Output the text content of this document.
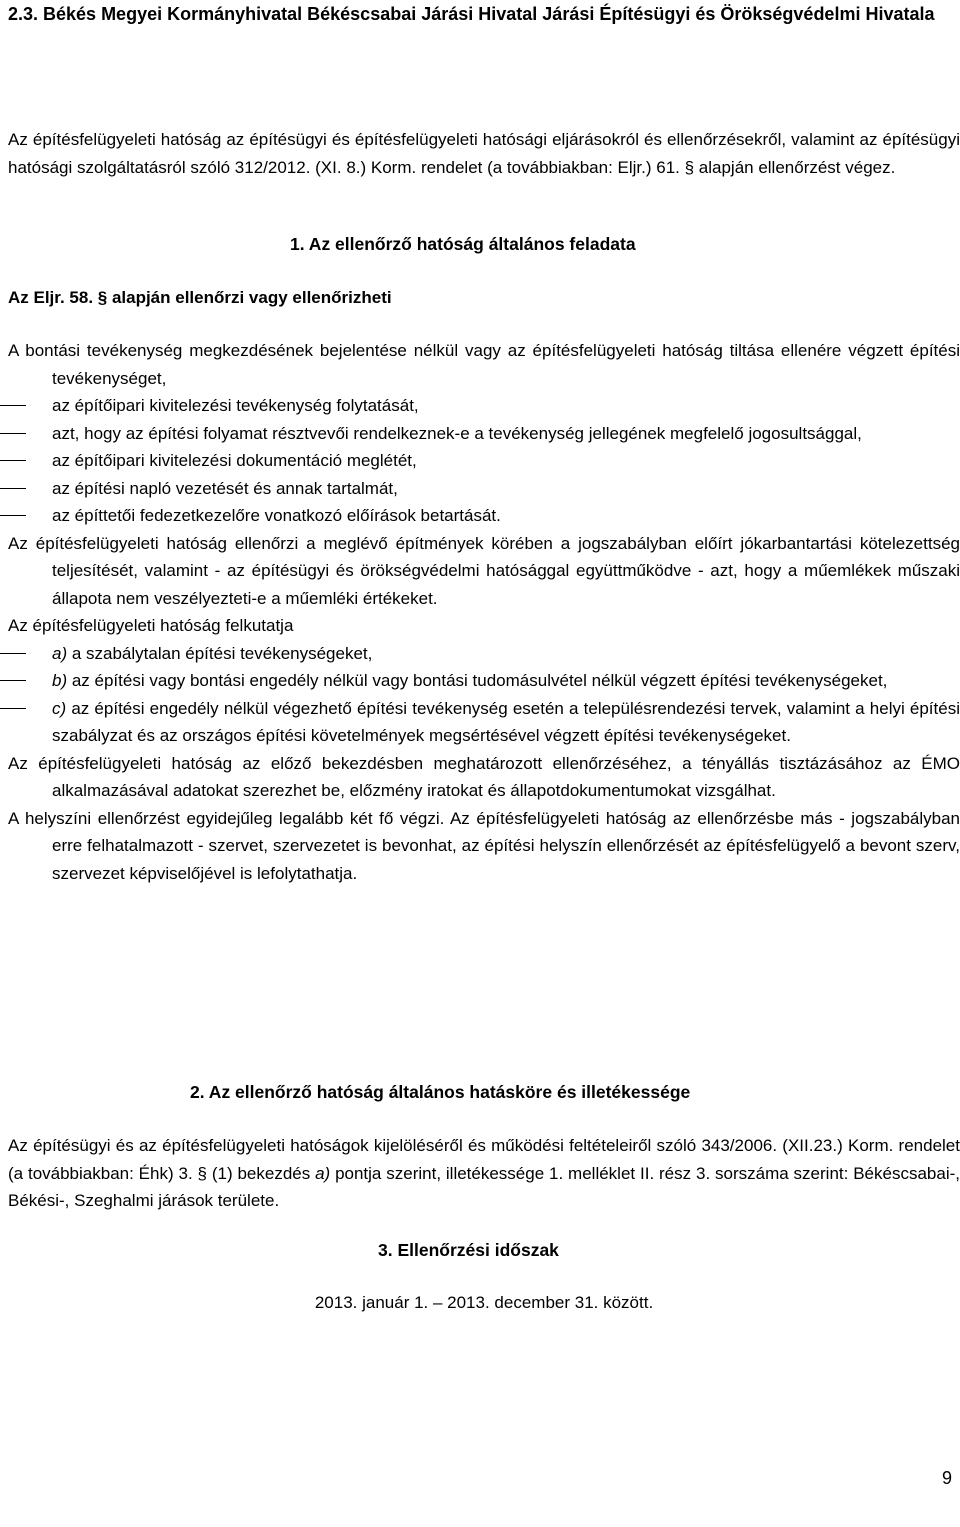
2.3. Békés Megyei Kormányhivatal Békéscsabai Járási Hivatal Járási Építésügyi és Örökségvédelmi Hivatala

Az építésfelügyeleti hatóság az építésügyi és építésfelügyeleti hatósági eljárásokról és ellenőrzésekről, valamint az építésügyi hatósági szolgáltatásról szóló 312/2012. (XI. 8.) Korm. rendelet (a továbbiakban: Eljr.) 61. § alapján ellenőrzést végez.

1. Az ellenőrző hatóság általános feladata
Az Eljr. 58. § alapján ellenőrzi vagy ellenőrizheti

A bontási tevékenység megkezdésének bejelentése nélkül vagy az építésfelügyeleti hatóság tiltása ellenére végzett építési tevékenységet,

az építőipari kivitelezési tevékenység folytatását,
azt, hogy az építési folyamat résztvevői rendelkeznek-e a tevékenység jellegének megfelelő jogosultsággal,
az építőipari kivitelezési dokumentáció meglétét,
az építési napló vezetését és annak tartalmát,
az építtetői fedezetkezelőre vonatkozó előírások betartását.

Az építésfelügyeleti hatóság ellenőrzi a meglévő építmények körében a jogszabályban előírt jókarbantartási kötelezettség teljesítését, valamint - az építésügyi és örökségvédelmi hatósággal együttműködve - azt, hogy a műemlékek műszaki állapota nem veszélyezteti-e a műemléki értékeket.

Az építésfelügyeleti hatóság felkutatja

a) a szabálytalan építési tevékenységeket,
b) az építési vagy bontási engedély nélkül vagy bontási tudomásulvétel nélkül végzett építési tevékenységeket,
c) az építési engedély nélkül végezhető építési tevékenység esetén a településrendezési tervek, valamint a helyi építési szabályzat és az országos építési követelmények megsértésével végzett építési tevékenységeket.

Az építésfelügyeleti hatóság az előző bekezdésben meghatározott ellenőrzéséhez, a tényállás tisztázásához az ÉMO alkalmazásával adatokat szerezhet be, előzmény iratokat és állapotdokumentumokat vizsgálhat.

A helyszíni ellenőrzést egyidejűleg legalább két fő végzi. Az építésfelügyeleti hatóság az ellenőrzésbe más - jogszabályban erre felhatalmazott - szervet, szervezetet is bevonhat, az építési helyszín ellenőrzését az építésfelügyelő a bevont szerv, szervezet képviselőjével is lefolytathatja.

2. Az ellenőrző hatóság általános hatásköre és illetékessége

Az építésügyi és az építésfelügyeleti hatóságok kijelöléséről és működési feltételeiről szóló 343/2006. (XII.23.) Korm. rendelet (a továbbiakban: Éhk) 3. § (1) bekezdés a) pontja szerint, illetékessége 1. melléklet II. rész 3. sorszáma szerint: Békéscsabai-, Békési-, Szeghalmi járások területe.

3. Ellenőrzési időszak
2013. január 1. – 2013. december 31. között.
9
